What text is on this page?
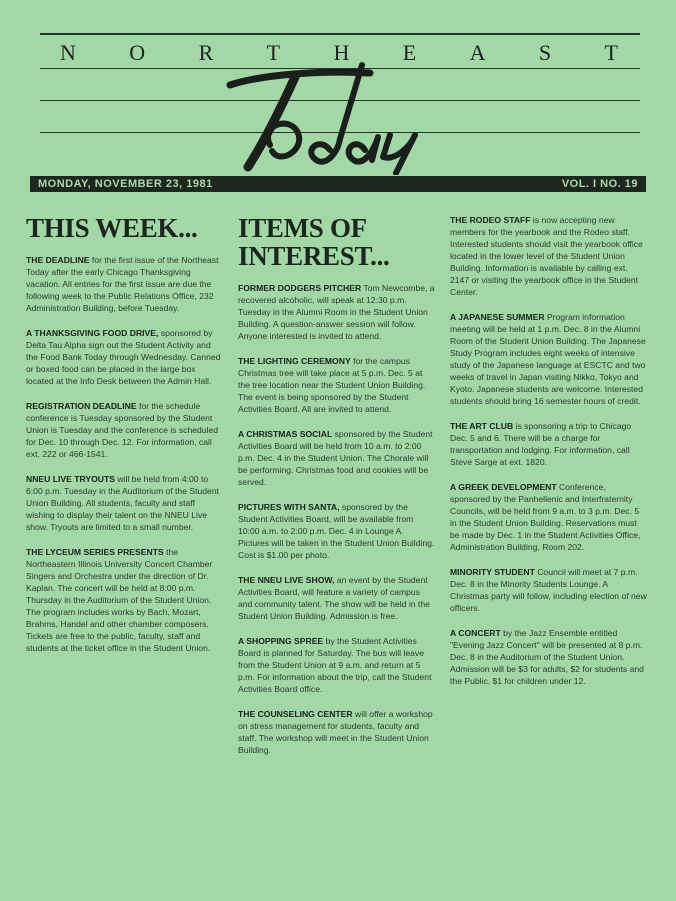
N O R T H E A S T
MONDAY, NOVEMBER 23, 1981	VOL. I NO. 19
THIS WEEK...

THE DEADLINE for the first issue of the Northeast Today after the early Chicago Thanksgiving vacation. All entries for the first issue are due the following week to the Public Relations Office, 232 Administration Building, before Tuesday.

A THANKSGIVING FOOD DRIVE, sponsored by Delta Tau Alpha sign out the Student Activity and the Food Bank Today through Wednesday. Canned or boxed food can be placed in the large box located at the Info Desk between the Admin Hall.

REGISTRATION DEADLINE for the schedule conference is Tuesday sponsored by the Student Union is Tuesday and the conference is scheduled for Dec. 10 through Dec. 12. For information, call ext. 222 or 466-1541.

NNEU LIVE TRYOUTS will be held from 4:00 to 6:00 p.m. Tuesday in the Auditorium of the Student Union Building. All students, faculty and staff wishing to display their talent on the NNEU Live show. Tryouts are limited to a small number.

THE LYCEUM SERIES PRESENTS the Northeastern Illinois University Concert Chamber Singers and Orchestra under the direction of Dr. Kaplan. The concert will be held at 8:00 p.m. Thursday in the Auditorium of the Student Union. The program includes works by Bach, Mozart, Brahms, Handel and other chamber composers. Tickets are free to the public, faculty, staff and students at the ticket office in the Student Union.

ITEMS OF INTEREST...

FORMER DODGERS PITCHER Tom Newcombe, a recovered alcoholic, will speak at 12:30 p.m. Tuesday in the Alumni Room in the Student Union Building. A question-answer session will follow. Anyone interested is invited to attend.

THE LIGHTING CEREMONY for the campus Christmas tree will take place at 5 p.m. Dec. 5 at the tree location near the Student Union Building. The event is being sponsored by the Student Activities Board. All are invited to attend.

A CHRISTMAS SOCIAL sponsored by the Student Activities Board will be held from 10 a.m. to 2:00 p.m. Dec. 4 in the Student Union. The Chorale will be performing. Christmas food and cookies will be served.

PICTURES WITH SANTA, sponsored by the Student Activities Board, will be available from 10:00 a.m. to 2:00 p.m. Dec. 4 in Lounge A. Pictures will be taken in the Student Union Building. Cost is $1.00 per photo.

THE NNEU LIVE SHOW, an event by the Student Activities Board, will feature a variety of campus and community talent. The show will be held in the Student Union Building. Admission is free.

A SHOPPING SPREE by the Student Activities Board is planned for Saturday. The bus will leave from the Student Union at 9 a.m. and return at 5 p.m. For information about the trip, call the Student Activities Board office.

THE COUNSELING CENTER will offer a workshop on stress management for students, faculty and staff. The workshop will meet in the Student Union Building.

THE RODEO STAFF is now accepting new members for the yearbook and the Rodeo staff. Interested students should visit the yearbook office located in the lower level of the Student Union Building. Information is available by calling ext. 2147 or visiting the yearbook office in the Student Center.

A JAPANESE SUMMER Program information meeting will be held at 1 p.m. Dec. 8 in the Alumni Room of the Student Union Building. The Japanese Study Program includes eight weeks of intensive study of the Japanese language at ESCTC and two weeks of travel in Japan visiting Nikko, Tokyo and Kyoto. Japanese students are welcome. Interested students should bring 16 semester hours of credit.

THE ART CLUB is sponsoring a trip to Chicago Dec. 5 and 6. There will be a charge for transportation and lodging. For information, call Steve Sarge at ext. 1820.

A GREEK DEVELOPMENT Conference, sponsored by the Panhellenic and Interfraternity Councils, will be held from 9 a.m. to 3 p.m. Dec. 5 in the Student Union Building. Reservations must be made by Dec. 1 in the Student Activities Office, Administration Building, Room 202.

MINORITY STUDENT Council will meet at 7 p.m. Dec. 8 in the Minority Students Lounge. A Christmas party will follow, including election of new officers.

A CONCERT by the Jazz Ensemble entitled "Evening Jazz Concert" will be presented at 8 p.m. Dec. 8 in the Auditorium of the Student Union. Admission will be $3 for adults, $2 for students and the Public, $1 for children under 12.
